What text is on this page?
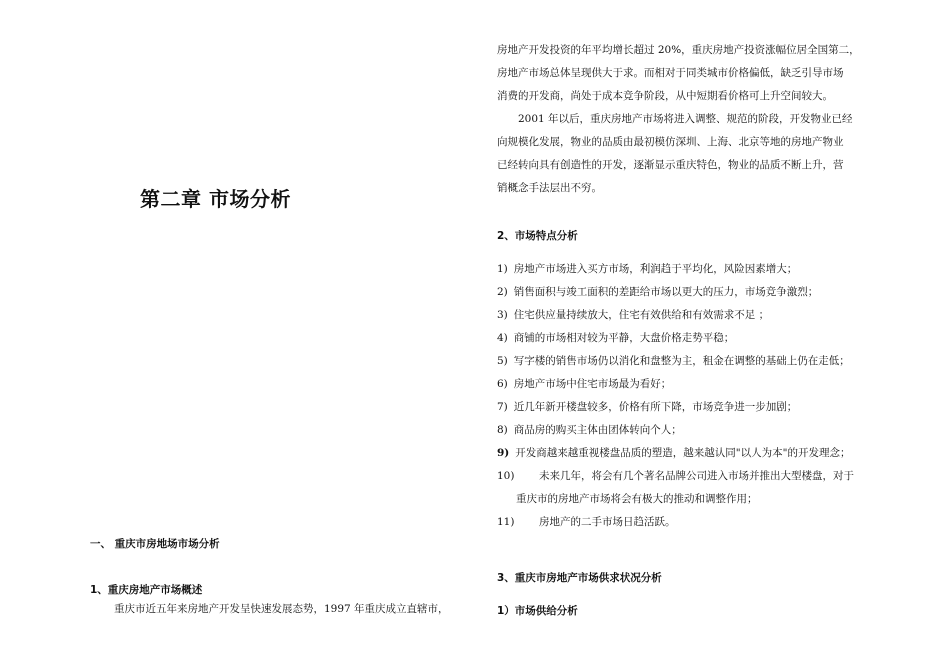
第二章 市场分析
一、 重庆市房地场市场分析
1、重庆房地产市场概述
重庆市近五年来房地产开发呈快速发展态势，1997 年重庆成立直辖市，
房地产开发投资的年平均增长超过 20%，重庆房地产投资涨幅位居全国第二，
房地产市场总体呈现供大于求。而相对于同类城市价格偏低，缺乏引导市场
消费的开发商，尚处于成本竞争阶段，从中短期看价格可上升空间较大。
2001 年以后，重庆房地产市场将进入调整、规范的阶段，开发物业已经
向规模化发展，物业的品质由最初模仿深圳、上海、北京等地的房地产物业
已经转向具有创造性的开发，逐渐显示重庆特色，物业的品质不断上升，营
销概念手法层出不穷。
2、市场特点分析
1) 房地产市场进入买方市场，利润趋于平均化，风险因素增大；
2) 销售面积与竣工面积的差距给市场以更大的压力，市场竞争激烈；
3) 住宅供应量持续放大，住宅有效供给和有效需求不足 ；
4) 商铺的市场相对较为平静，大盘价格走势平稳；
5) 写字楼的销售市场仍以消化和盘整为主，租金在调整的基础上仍在走低；
6) 房地产市场中住宅市场最为看好；
7) 近几年新开楼盘较多，价格有所下降，市场竞争进一步加剧；
8) 商品房的购买主体由团体转向个人；
9) 开发商越来越重视楼盘品质的塑造，越来越认同"以人为本"的开发理念；
10) 未来几年，将会有几个著名品牌公司进入市场并推出大型楼盘，对于
重庆市的房地产市场将会有极大的推动和调整作用；
11) 房地产的二手市场日趋活跃。
3、重庆市房地产市场供求状况分析
1）市场供给分析
